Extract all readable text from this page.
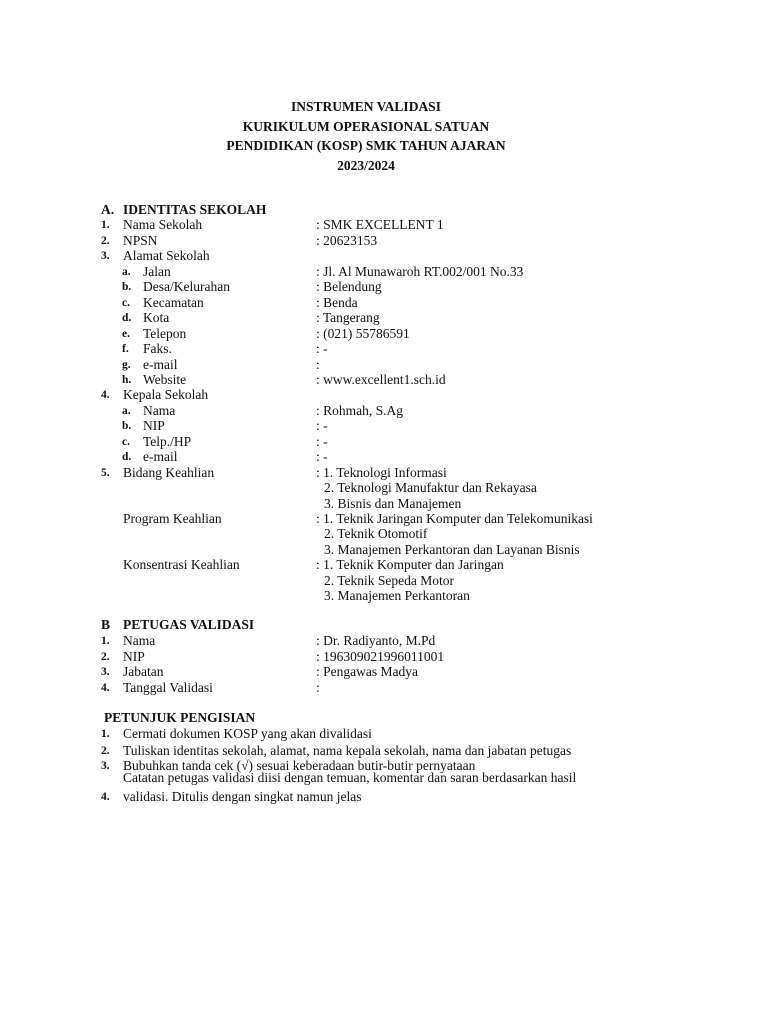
INSTRUMEN VALIDASI
KURIKULUM OPERASIONAL SATUAN
PENDIDIKAN (KOSP) SMK TAHUN AJARAN
2023/2024
A. IDENTITAS SEKOLAH
1. Nama Sekolah	: SMK EXCELLENT 1
2. NPSN	: 20623153
3. Alamat Sekolah
a. Jalan	: Jl. Al Munawaroh RT.002/001 No.33
b. Desa/Kelurahan	: Belendung
c. Kecamatan	: Benda
d. Kota	: Tangerang
e. Telepon	: (021) 55786591
f. Faks.	: -
g. e-mail	:
h. Website	: www.excellent1.sch.id
4. Kepala Sekolah
a. Nama	: Rohmah, S.Ag
b. NIP	: -
c. Telp./HP	: -
d. e-mail	: -
5. Bidang Keahlian	: 1. Teknologi Informasi
2. Teknologi Manufaktur dan Rekayasa
3. Bisnis dan Manajemen
Program Keahlian	: 1. Teknik Jaringan Komputer dan Telekomunikasi
2. Teknik Otomotif
3. Manajemen Perkantoran dan Layanan Bisnis
Konsentrasi Keahlian	: 1. Teknik Komputer dan Jaringan
2. Teknik Sepeda Motor
3. Manajemen Perkantoran
B PETUGAS VALIDASI
1. Nama	: Dr. Radiyanto, M.Pd
2. NIP	: 196309021996011001
3. Jabatan	: Pengawas Madya
4. Tanggal Validasi	:
PETUNJUK PENGISIAN
1. Cermati dokumen KOSP yang akan divalidasi
2. Tuliskan identitas sekolah, alamat, nama kepala sekolah, nama dan jabatan petugas
3. Bubuhkan tanda cek (√) sesuai keberadaan butir-butir pernyataan
Catatan petugas validasi diisi dengan temuan, komentar dan saran berdasarkan hasil
4. validasi. Ditulis dengan singkat namun jelas
